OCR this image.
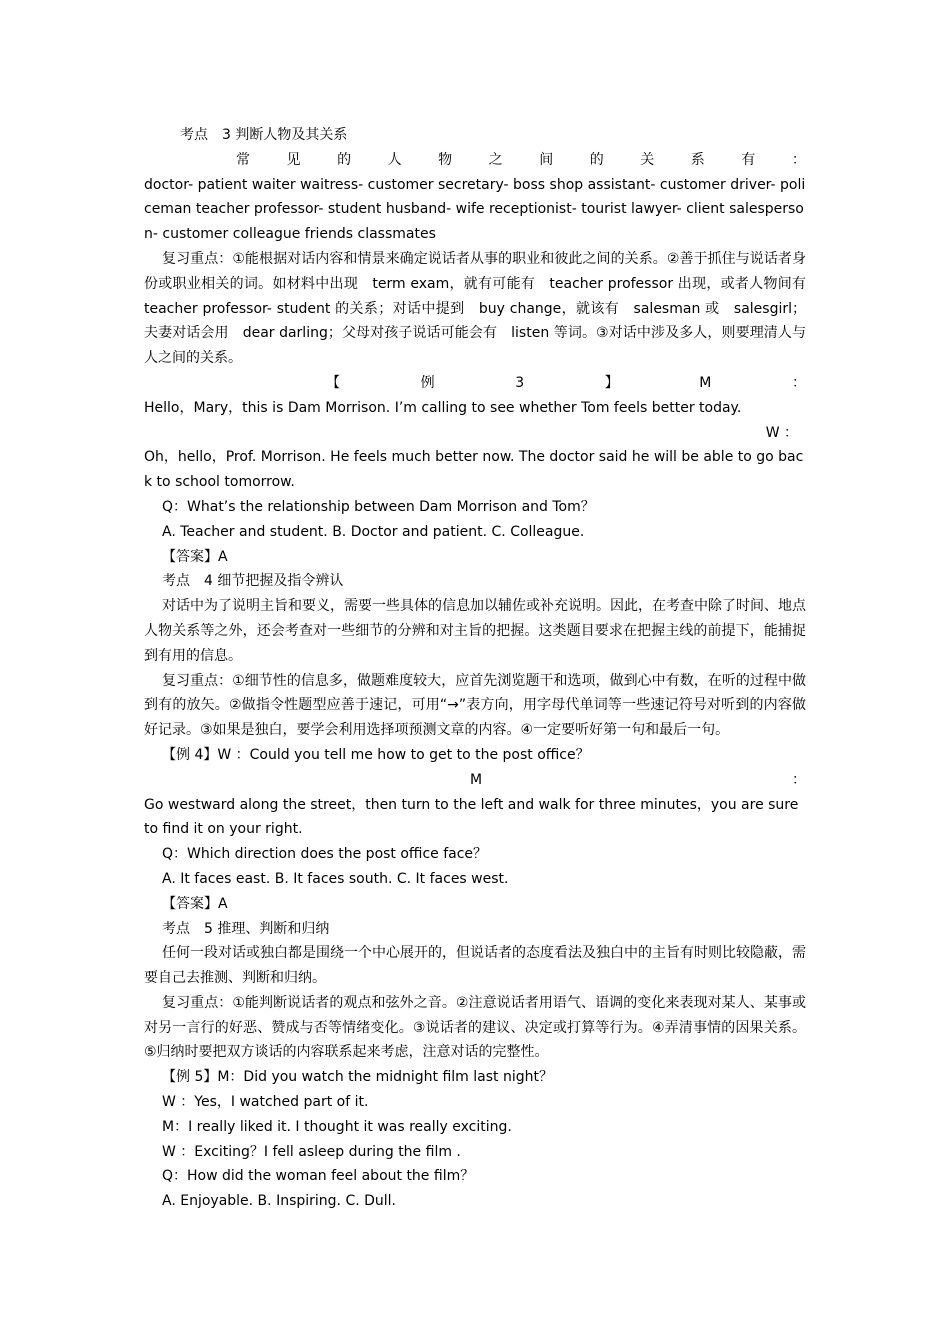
考点　3 判断人物及其关系

常	见	的	人	物	之	间	的	关	系	有	：

doctor- patient waiter waitress- customer secretary- boss shop assistant- customer driver- policeman teacher professor- student husband- wife receptionist- tourist lawyer- client salesperson- customer colleague friends classmates

复习重点：①能根据对话内容和情景来确定说话者从事的职业和彼此之间的关系。②善于抓住与说话者身份或职业相关的词。如材料中出现　term exam，就有可能有　teacher professor 出现，或者人物间有　teacher professor- student 的关系；对话中提到　buy change，就该有　salesman 或　salesgirl；夫妻对话会用　dear darling；父母对孩子说话可能会有　listen 等词。③对话中涉及多人，则要理清人与人之间的关系。

【	例	3	】	M	：

Hello，Mary，this is Dam Morrison. I’m calling to see whether Tom feels better today.

W ：

Oh，hello，Prof. Morrison. He feels much better now. The doctor said he will be able to go back to school tomorrow.

Q：What’s the relationship between Dam Morrison and Tom？

A. Teacher and student. B. Doctor and patient. C. Colleague.

【答案】A

考点　4 细节把握及指令辨认

对话中为了说明主旨和要义，需要一些具体的信息加以辅佐或补充说明。因此，在考查中除了时间、地点人物关系等之外，还会考查对一些细节的分辨和对主旨的把握。这类题目要求在把握主线的前提下，能捕捉到有用的信息。

复习重点：①细节性的信息多，做题难度较大，应首先浏览题干和选项，做到心中有数，在听的过程中做到有的放矢。②做指令性题型应善于速记，可用“→”表方向，用字母代单词等一些速记符号对听到的内容做好记录。③如果是独白，要学会利用选择项预测文章的内容。④一定要听好第一句和最后一句。

【例 4】W ：Could you tell me how to get to the post office？

M	：

Go westward along the street，then turn to the left and walk for three minutes，you are sure to find it on your right.

Q：Which direction does the post office face？

A. It faces east. B. It faces south. C. It faces west.

【答案】A

考点　5 推理、判断和归纳

任何一段对话或独白都是围绕一个中心展开的，但说话者的态度看法及独白中的主旨有时则比较隐蔽，需要自己去推测、判断和归纳。

复习重点：①能判断说话者的观点和弦外之音。②注意说话者用语气、语调的变化来表现对某人、某事或对另一言行的好恶、赞成与否等情绪变化。③说话者的建议、决定或打算等行为。④弄清事情的因果关系。⑤归纳时要把双方谈话的内容联系起来考虑，注意对话的完整性。

【例 5】M：Did you watch the midnight film last night？

W ：Yes，I watched part of it.

M：I really liked it. I thought it was really exciting.

W ：Exciting？I fell asleep during the film .

Q：How did the woman feel about the film？

A. Enjoyable. B. Inspiring. C. Dull.
